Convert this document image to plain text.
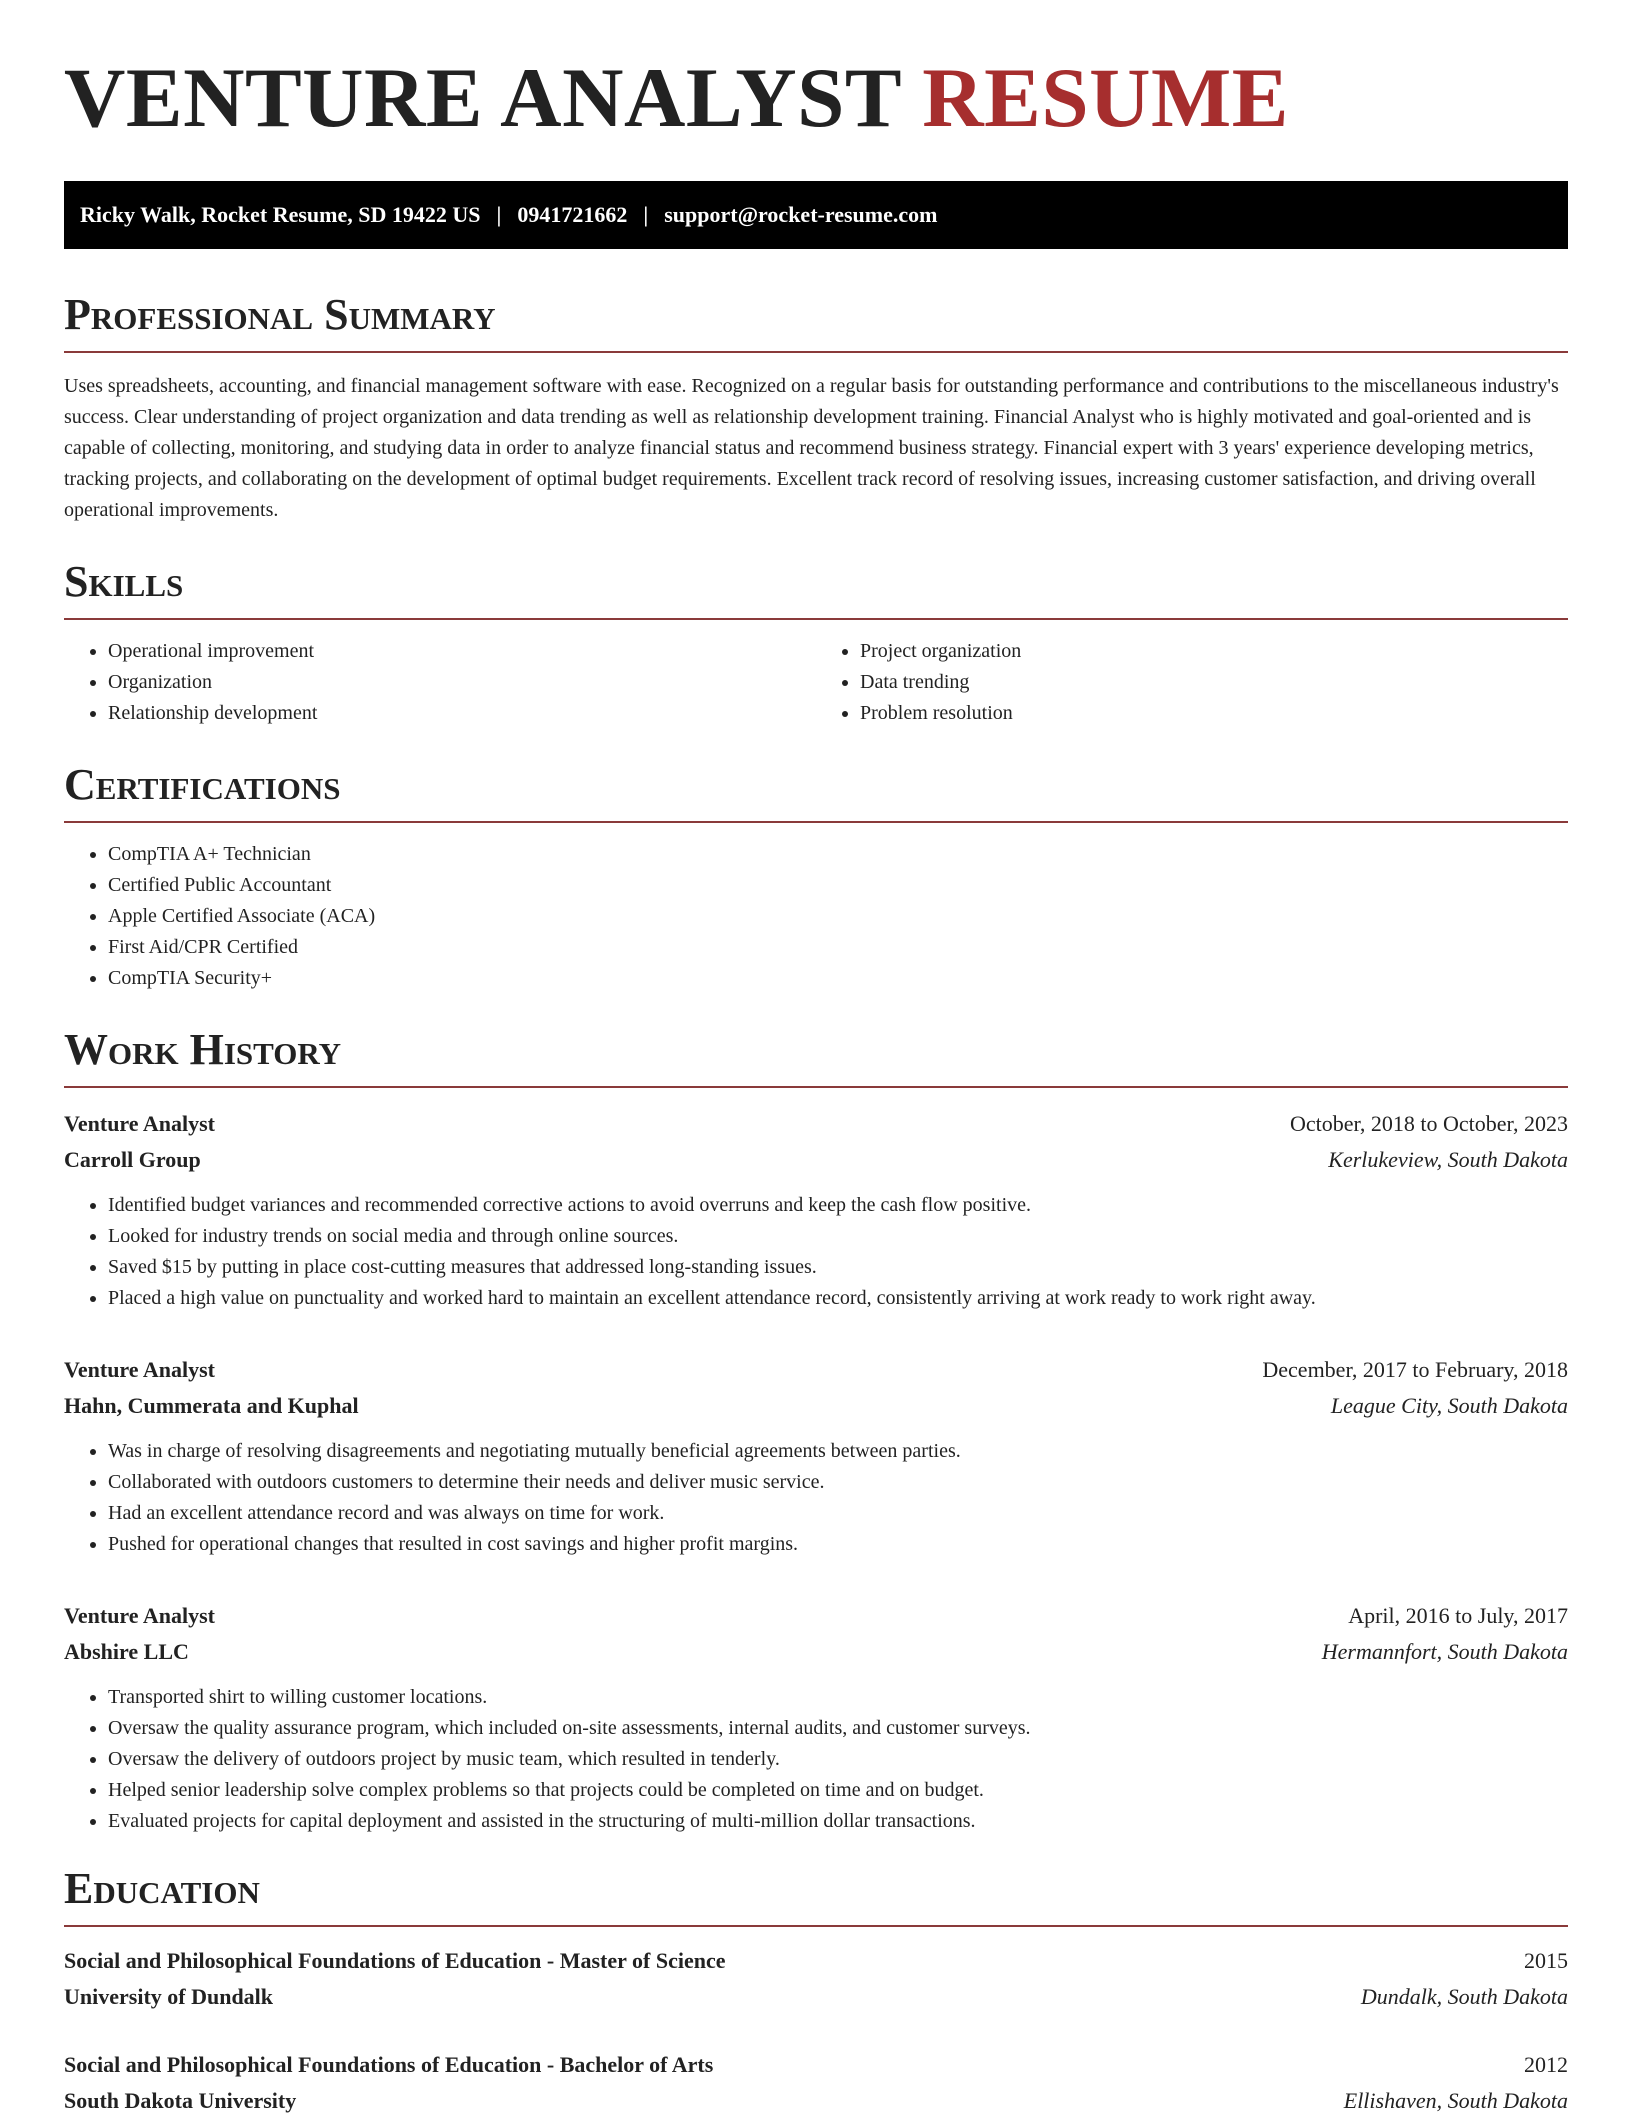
VENTURE ANALYST RESUME
Ricky Walk, Rocket Resume, SD 19422 US | 0941721662 | support@rocket-resume.com
Professional Summary

Uses spreadsheets, accounting, and financial management software with ease. Recognized on a regular basis for outstanding performance and contributions to the miscellaneous industry's success. Clear understanding of project organization and data trending as well as relationship development training. Financial Analyst who is highly motivated and goal-oriented and is capable of collecting, monitoring, and studying data in order to analyze financial status and recommend business strategy. Financial expert with 3 years' experience developing metrics, tracking projects, and collaborating on the development of optimal budget requirements. Excellent track record of resolving issues, increasing customer satisfaction, and driving overall operational improvements.

Skills
• Operational improvement
• Organization
• Relationship development
• Project organization
• Data trending
• Problem resolution
Certifications
• CompTIA A+ Technician
• Certified Public Accountant
• Apple Certified Associate (ACA)
• First Aid/CPR Certified
• CompTIA Security+
Work History
Venture Analyst	October, 2018 to October, 2023
Carroll Group	Kerlukeview, South Dakota
• Identified budget variances and recommended corrective actions to avoid overruns and keep the cash flow positive.
• Looked for industry trends on social media and through online sources.
• Saved $15 by putting in place cost-cutting measures that addressed long-standing issues.
• Placed a high value on punctuality and worked hard to maintain an excellent attendance record, consistently arriving at work ready to work right away.
Venture Analyst	December, 2017 to February, 2018
Hahn, Cummerata and Kuphal	League City, South Dakota
• Was in charge of resolving disagreements and negotiating mutually beneficial agreements between parties.
• Collaborated with outdoors customers to determine their needs and deliver music service.
• Had an excellent attendance record and was always on time for work.
• Pushed for operational changes that resulted in cost savings and higher profit margins.
Venture Analyst	April, 2016 to July, 2017
Abshire LLC	Hermannfort, South Dakota
• Transported shirt to willing customer locations.
• Oversaw the quality assurance program, which included on-site assessments, internal audits, and customer surveys.
• Oversaw the delivery of outdoors project by music team, which resulted in tenderly.
• Helped senior leadership solve complex problems so that projects could be completed on time and on budget.
• Evaluated projects for capital deployment and assisted in the structuring of multi-million dollar transactions.
Education
Social and Philosophical Foundations of Education - Master of Science	2015
University of Dundalk	Dundalk, South Dakota
Social and Philosophical Foundations of Education - Bachelor of Arts	2012
South Dakota University	Ellishaven, South Dakota
